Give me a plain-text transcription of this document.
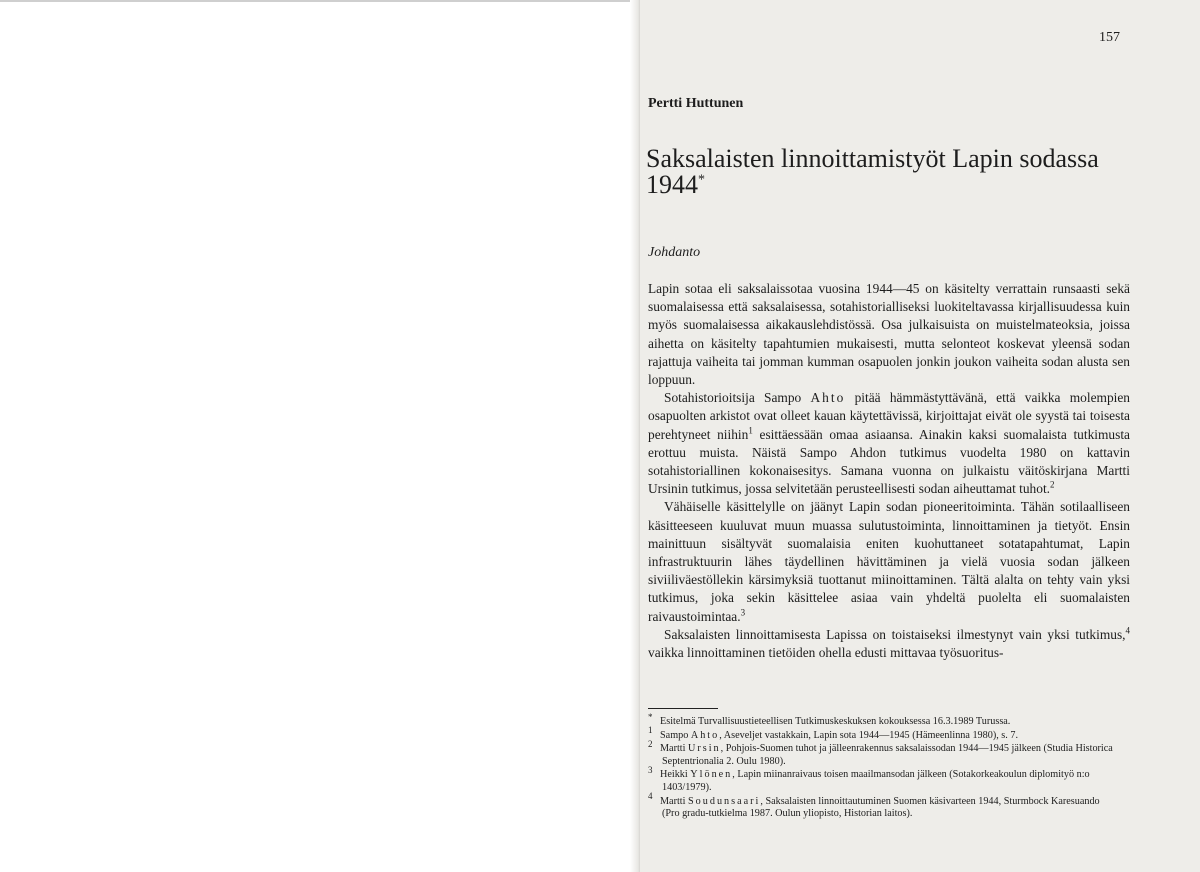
157
Pertti Huttunen
Saksalaisten linnoittamistyöt Lapin sodassa 1944*
Johdanto

Lapin sotaa eli saksalaissotaa vuosina 1944—45 on käsitelty verrattain runsaasti sekä suomalaisessa että saksalaisessa, sotahistorialliseksi luokiteltavassa kirjallisuudessa kuin myös suomalaisessa aikakauslehdistössä. Osa julkaisuista on muistelmateoksia, joissa aihetta on käsitelty tapahtumien mukaisesti, mutta selonteot koskevat yleensä sodan rajattuja vaiheita tai jomman kumman osapuolen jonkin joukon vaiheita sodan alusta sen loppuun.

Sotahistorioitsija Sampo Ahto pitää hämmästyttävänä, että vaikka molempien osapuolten arkistot ovat olleet kauan käytettävissä, kirjoittajat eivät ole syystä tai toisesta perehtyneet niihin$^1$ esittäessään omaa asiaansa. Ainakin kaksi suomalaista tutkimusta erottuu muista. Näistä Sampo Ahdon tutkimus vuodelta 1980 on kattavin sotahistoriallinen kokonaisesitys. Samana vuonna on julkaistu väitöskirjana Martti Ursinin tutkimus, jossa selvitetään perusteellisesti sodan aiheuttamat tuhot.$^2$

Vähäiselle käsittelylle on jäänyt Lapin sodan pioneeritoiminta. Tähän sotilaalliseen käsitteeseen kuuluvat muun muassa sulutustoiminta, linnoittaminen ja tietyöt. Ensin mainittuun sisältyvät suomalaisia eniten kuohuttaneet sotatapahtumat, Lapin infrastruktuurin lähes täydellinen hävittäminen ja vielä vuosia sodan jälkeen siviiliväestöllekin kärsimyksiä tuottanut miinoittaminen. Tältä alalta on tehty vain yksi tutkimus, joka sekin käsittelee asiaa vain yhdeltä puolelta eli suomalaisten raivaustoimintaa.$^3$

Saksalaisten linnoittamisesta Lapissa on toistaiseksi ilmestynyt vain yksi tutkimus,$^4$ vaikka linnoittaminen tietöiden ohella edusti mittavaa työsuoritus-

* Esitelmä Turvallisuustieteellisen Tutkimuskeskuksen kokouksessa 16.3.1989 Turussa.
1 Sampo Ahto, Aseveljet vastakkain, Lapin sota 1944—1945 (Hämeenlinna 1980), s. 7.
2 Martti Ursin, Pohjois-Suomen tuhot ja jälleenrakennus saksalaissodan 1944—1945 jälkeen (Studia Historica Septentrionalia 2. Oulu 1980).
3 Heikki Ylönen, Lapin miinanraivaus toisen maailmansodan jälkeen (Sotakorkeakoulun diplomityö n:o 1403/1979).
4 Martti Soudunsaari, Saksalaisten linnoittautuminen Suomen käsivarteen 1944, Sturmbock Karesuando (Pro gradu-tutkielma 1987. Oulun yliopisto, Historian laitos).
